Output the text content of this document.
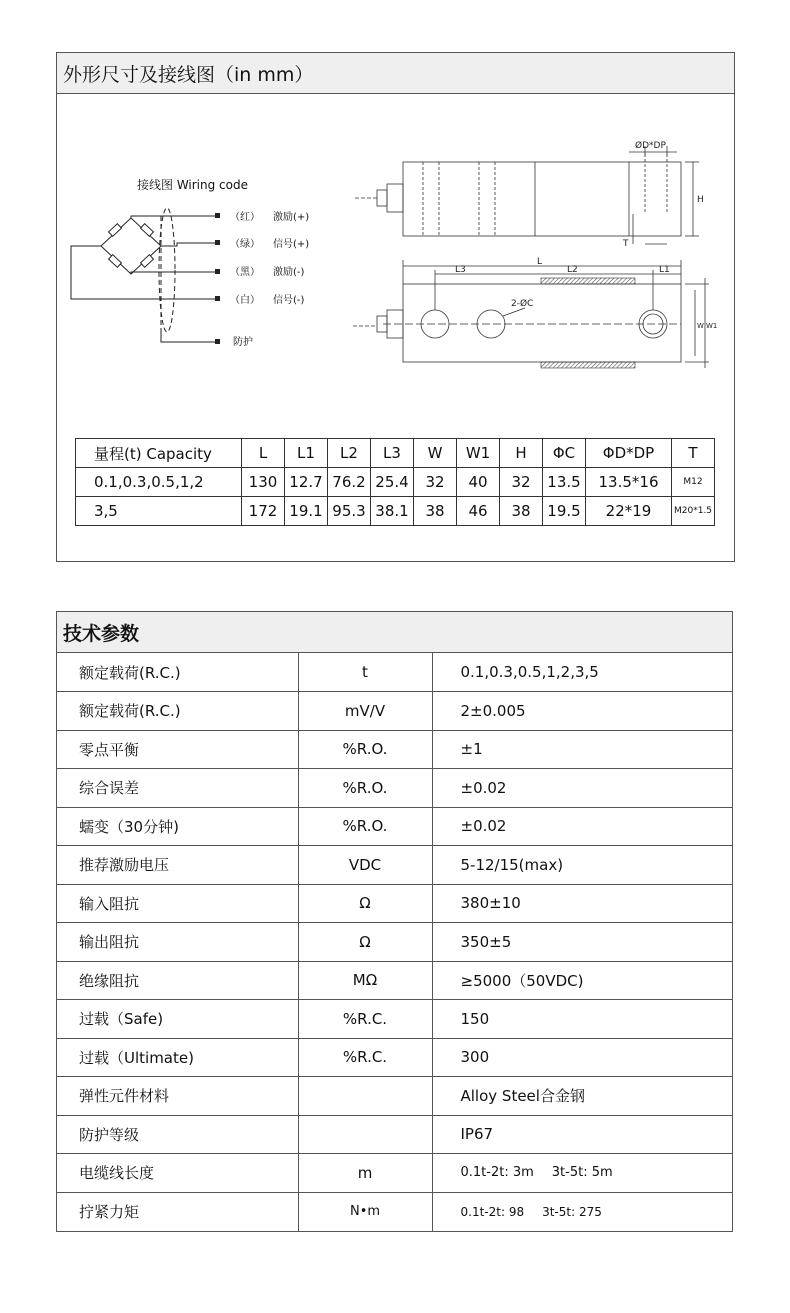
外形尺寸及接线图（in mm）
接线图 Wiring code
（红） 激励(+)
（绿） 信号(+)
（黑） 激励(-)
（白） 信号(-)
防护
ØD*DP
H
T
L
L3	L2	L1
2-ØC
W W1
量程(t) Capacity	L	L1	L2	L3	W	W1	H	ΦC	ΦD*DP	T
0.1,0.3,0.5,1,2	130	12.7	76.2	25.4	32	40	32	13.5	13.5*16	M12
3,5	172	19.1	95.3	38.1	38	46	38	19.5	22*19	M20*1.5
技术参数
额定载荷(R.C.)	t	0.1,0.3,0.5,1,2,3,5
额定载荷(R.C.)	mV/V	2±0.005
零点平衡	%R.O.	±1
综合误差	%R.O.	±0.02
蠕变（30分钟)	%R.O.	±0.02
推荐激励电压	VDC	5-12/15(max)
输入阻抗	Ω	380±10
输出阻抗	Ω	350±5
绝缘阻抗	MΩ	≥5000（50VDC)
过载（Safe)	%R.C.	150
过载（Ultimate)	%R.C.	300
弹性元件材料		Alloy Steel合金钢
防护等级		IP67
电缆线长度	m	0.1t-2t: 3m 3t-5t: 5m
拧紧力矩	N•m	0.1t-2t: 98 3t-5t: 275
